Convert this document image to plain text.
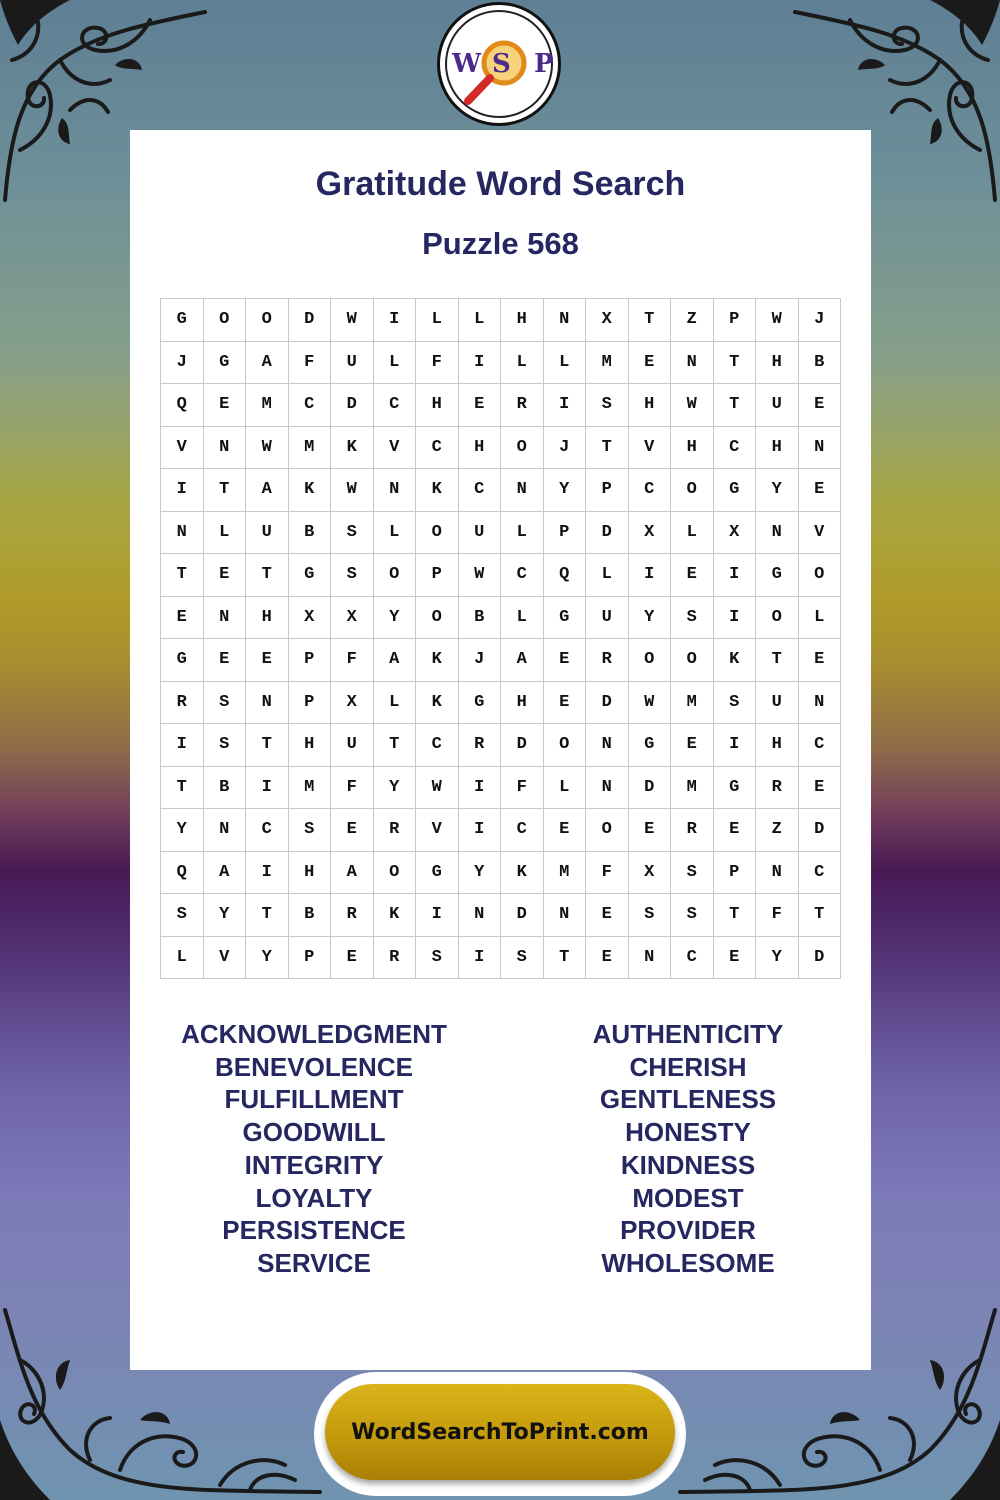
W S P
Gratitude Word Search
Puzzle 568
G	O	O	D	W	I	L	L	H	N	X	T	Z	P	W	J
J	G	A	F	U	L	F	I	L	L	M	E	N	T	H	B
Q	E	M	C	D	C	H	E	R	I	S	H	W	T	U	E
V	N	W	M	K	V	C	H	O	J	T	V	H	C	H	N
I	T	A	K	W	N	K	C	N	Y	P	C	O	G	Y	E
N	L	U	B	S	L	O	U	L	P	D	X	L	X	N	V
T	E	T	G	S	O	P	W	C	Q	L	I	E	I	G	O
E	N	H	X	X	Y	O	B	L	G	U	Y	S	I	O	L
G	E	E	P	F	A	K	J	A	E	R	O	O	K	T	E
R	S	N	P	X	L	K	G	H	E	D	W	M	S	U	N
I	S	T	H	U	T	C	R	D	O	N	G	E	I	H	C
T	B	I	M	F	Y	W	I	F	L	N	D	M	G	R	E
Y	N	C	S	E	R	V	I	C	E	O	E	R	E	Z	D
Q	A	I	H	A	O	G	Y	K	M	F	X	S	P	N	C
S	Y	T	B	R	K	I	N	D	N	E	S	S	T	F	T
L	V	Y	P	E	R	S	I	S	T	E	N	C	E	Y	D
ACKNOWLEDGMENT
BENEVOLENCE
FULFILLMENT
GOODWILL
INTEGRITY
LOYALTY
PERSISTENCE
SERVICE
AUTHENTICITY
CHERISH
GENTLENESS
HONESTY
KINDNESS
MODEST
PROVIDER
WHOLESOME
WordSearchToPrint.com
